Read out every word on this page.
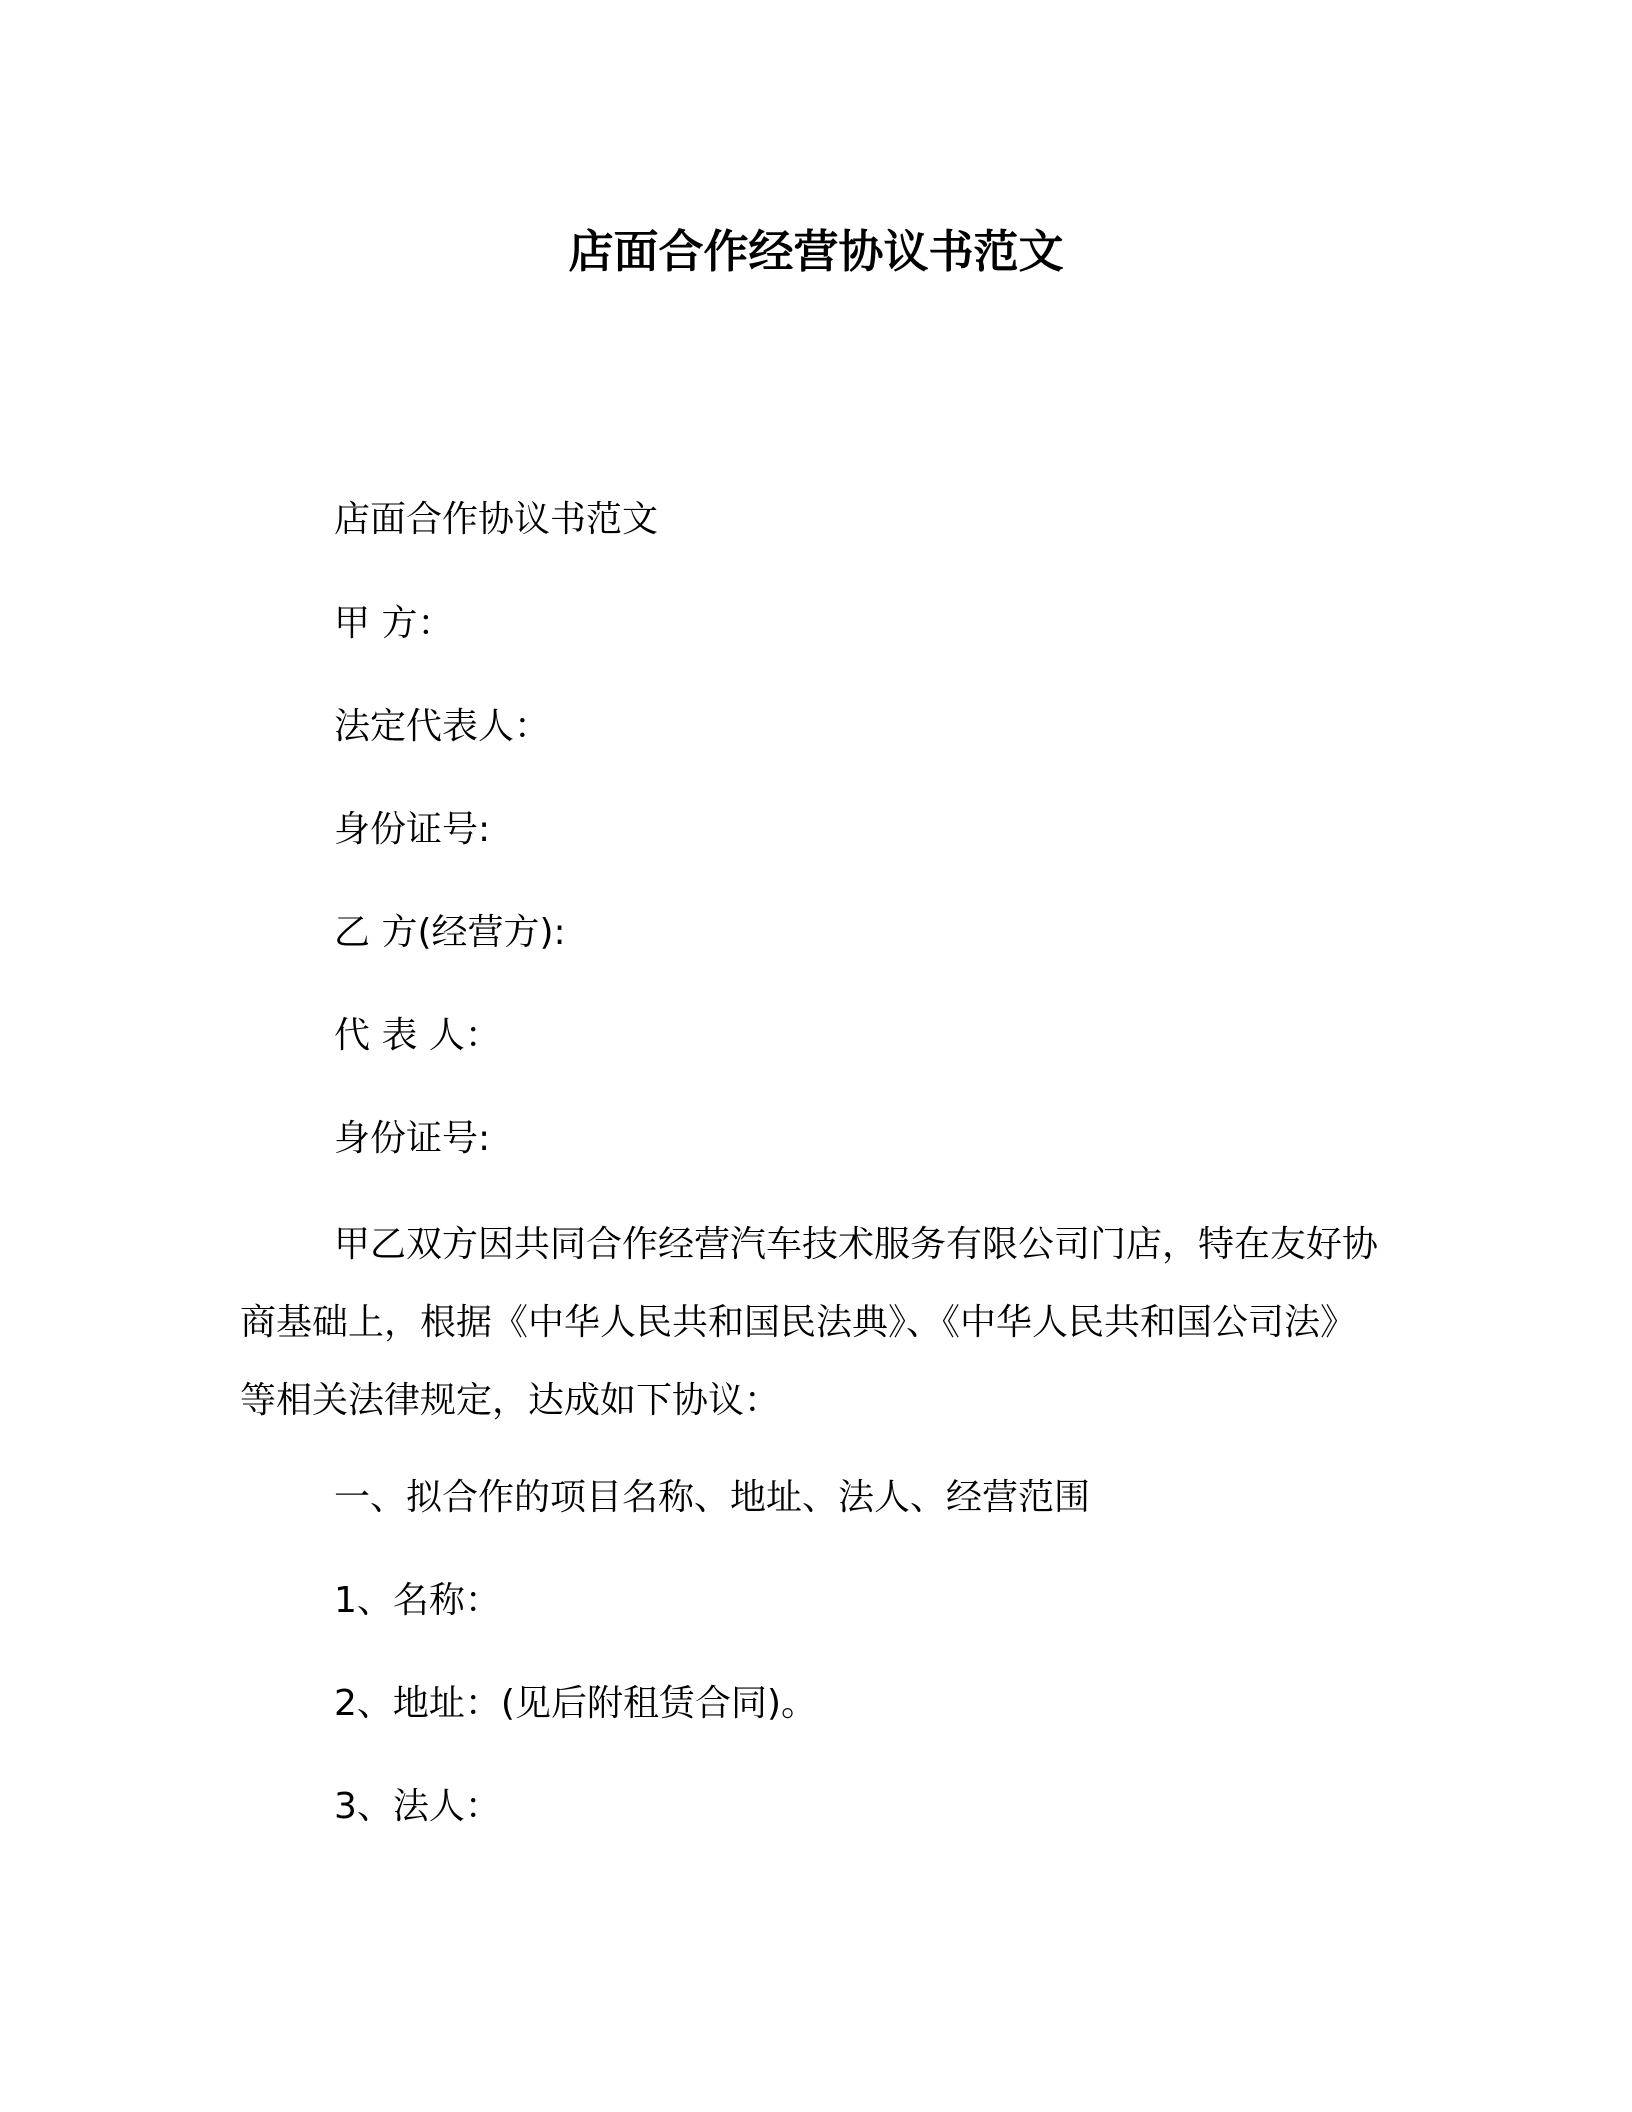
店面合作经营协议书范文
店面合作协议书范文
甲 方：
法定代表人：
身份证号:
乙 方(经营方):
代 表 人：
身份证号:
甲乙双方因共同合作经营汽车技术服务有限公司门店，特在友好协商基础上，根据《中华人民共和国民法典》、《中华人民共和国公司法》等相关法律规定，达成如下协议：
一、拟合作的项目名称、地址、法人、经营范围
1、名称：
2、地址：(见后附租赁合同)。
3、法人：
